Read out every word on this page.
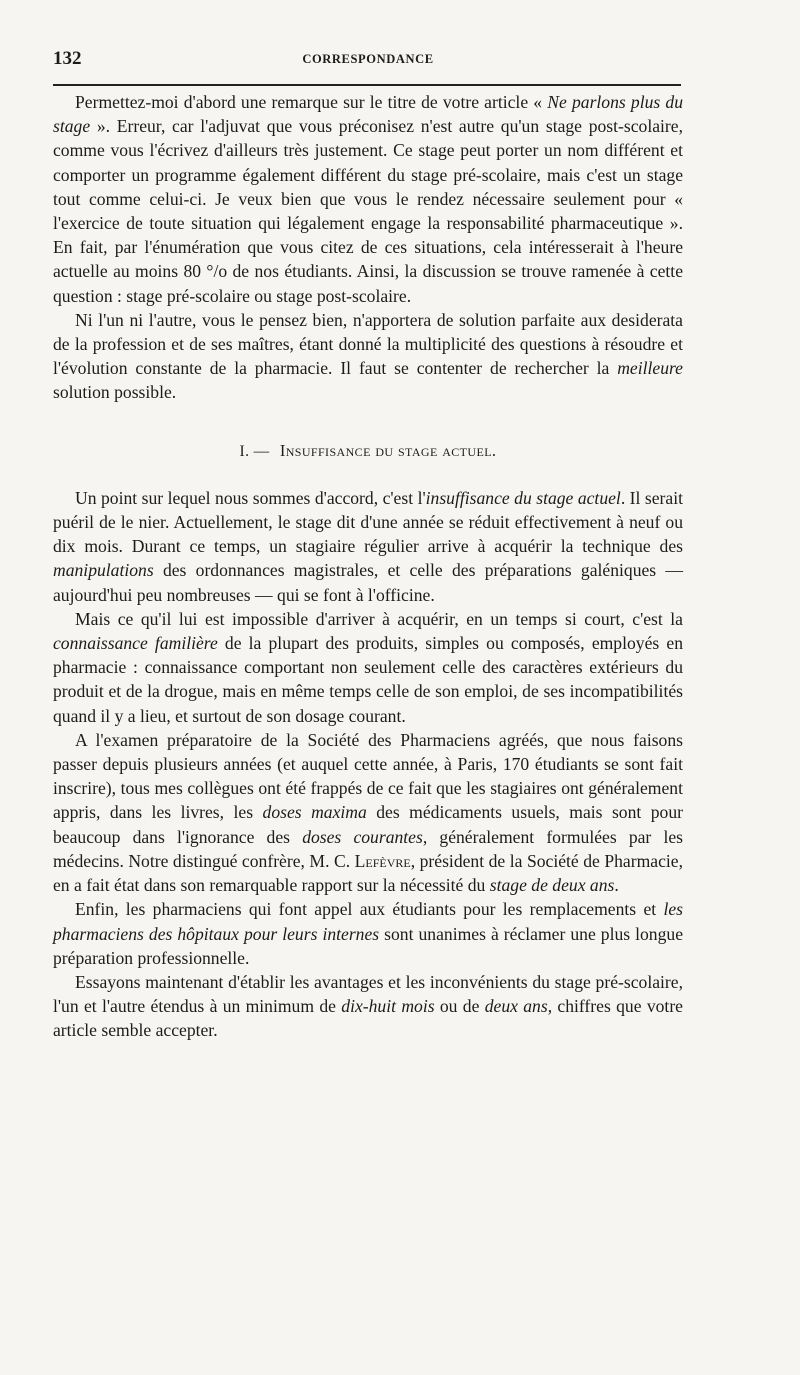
132	CORRESPONDANCE

Permettez-moi d'abord une remarque sur le titre de votre article « Ne parlons plus du stage ». Erreur, car l'adjuvat que vous préconisez n'est autre qu'un stage post-scolaire, comme vous l'écrivez d'ailleurs très justement. Ce stage peut porter un nom différent et comporter un programme également différent du stage pré-scolaire, mais c'est un stage tout comme celui-ci. Je veux bien que vous le rendez nécessaire seulement pour « l'exercice de toute situation qui légalement engage la responsabilité pharmaceutique ». En fait, par l'énumération que vous citez de ces situations, cela intéresserait à l'heure actuelle au moins 80 °/o de nos étudiants. Ainsi, la discussion se trouve ramenée à cette question : stage pré-scolaire ou stage post-scolaire.

Ni l'un ni l'autre, vous le pensez bien, n'apportera de solution parfaite aux desiderata de la profession et de ses maîtres, étant donné la multiplicité des questions à résoudre et l'évolution constante de la pharmacie. Il faut se contenter de rechercher la meilleure solution possible.

I. — Insuffisance du stage actuel.

Un point sur lequel nous sommes d'accord, c'est l'insuffisance du stage actuel. Il serait puéril de le nier. Actuellement, le stage dit d'une année se réduit effectivement à neuf ou dix mois. Durant ce temps, un stagiaire régulier arrive à acquérir la technique des manipulations des ordonnances magistrales, et celle des préparations galéniques — aujourd'hui peu nombreuses — qui se font à l'officine.

Mais ce qu'il lui est impossible d'arriver à acquérir, en un temps si court, c'est la connaissance familière de la plupart des produits, simples ou composés, employés en pharmacie : connaissance comportant non seulement celle des caractères extérieurs du produit et de la drogue, mais en même temps celle de son emploi, de ses incompatibilités quand il y a lieu, et surtout de son dosage courant.

A l'examen préparatoire de la Société des Pharmaciens agréés, que nous faisons passer depuis plusieurs années (et auquel cette année, à Paris, 170 étudiants se sont fait inscrire), tous mes collègues ont été frappés de ce fait que les stagiaires ont généralement appris, dans les livres, les doses maxima des médicaments usuels, mais sont pour beaucoup dans l'ignorance des doses courantes, généralement formulées par les médecins. Notre distingué confrère, M. C. Lefèvre, président de la Société de Pharmacie, en a fait état dans son remarquable rapport sur la nécessité du stage de deux ans.

Enfin, les pharmaciens qui font appel aux étudiants pour les remplacements et les pharmaciens des hôpitaux pour leurs internes sont unanimes à réclamer une plus longue préparation professionnelle.

Essayons maintenant d'établir les avantages et les inconvénients du stage pré-scolaire, l'un et l'autre étendus à un minimum de dix-huit mois ou de deux ans, chiffres que votre article semble accepter.
